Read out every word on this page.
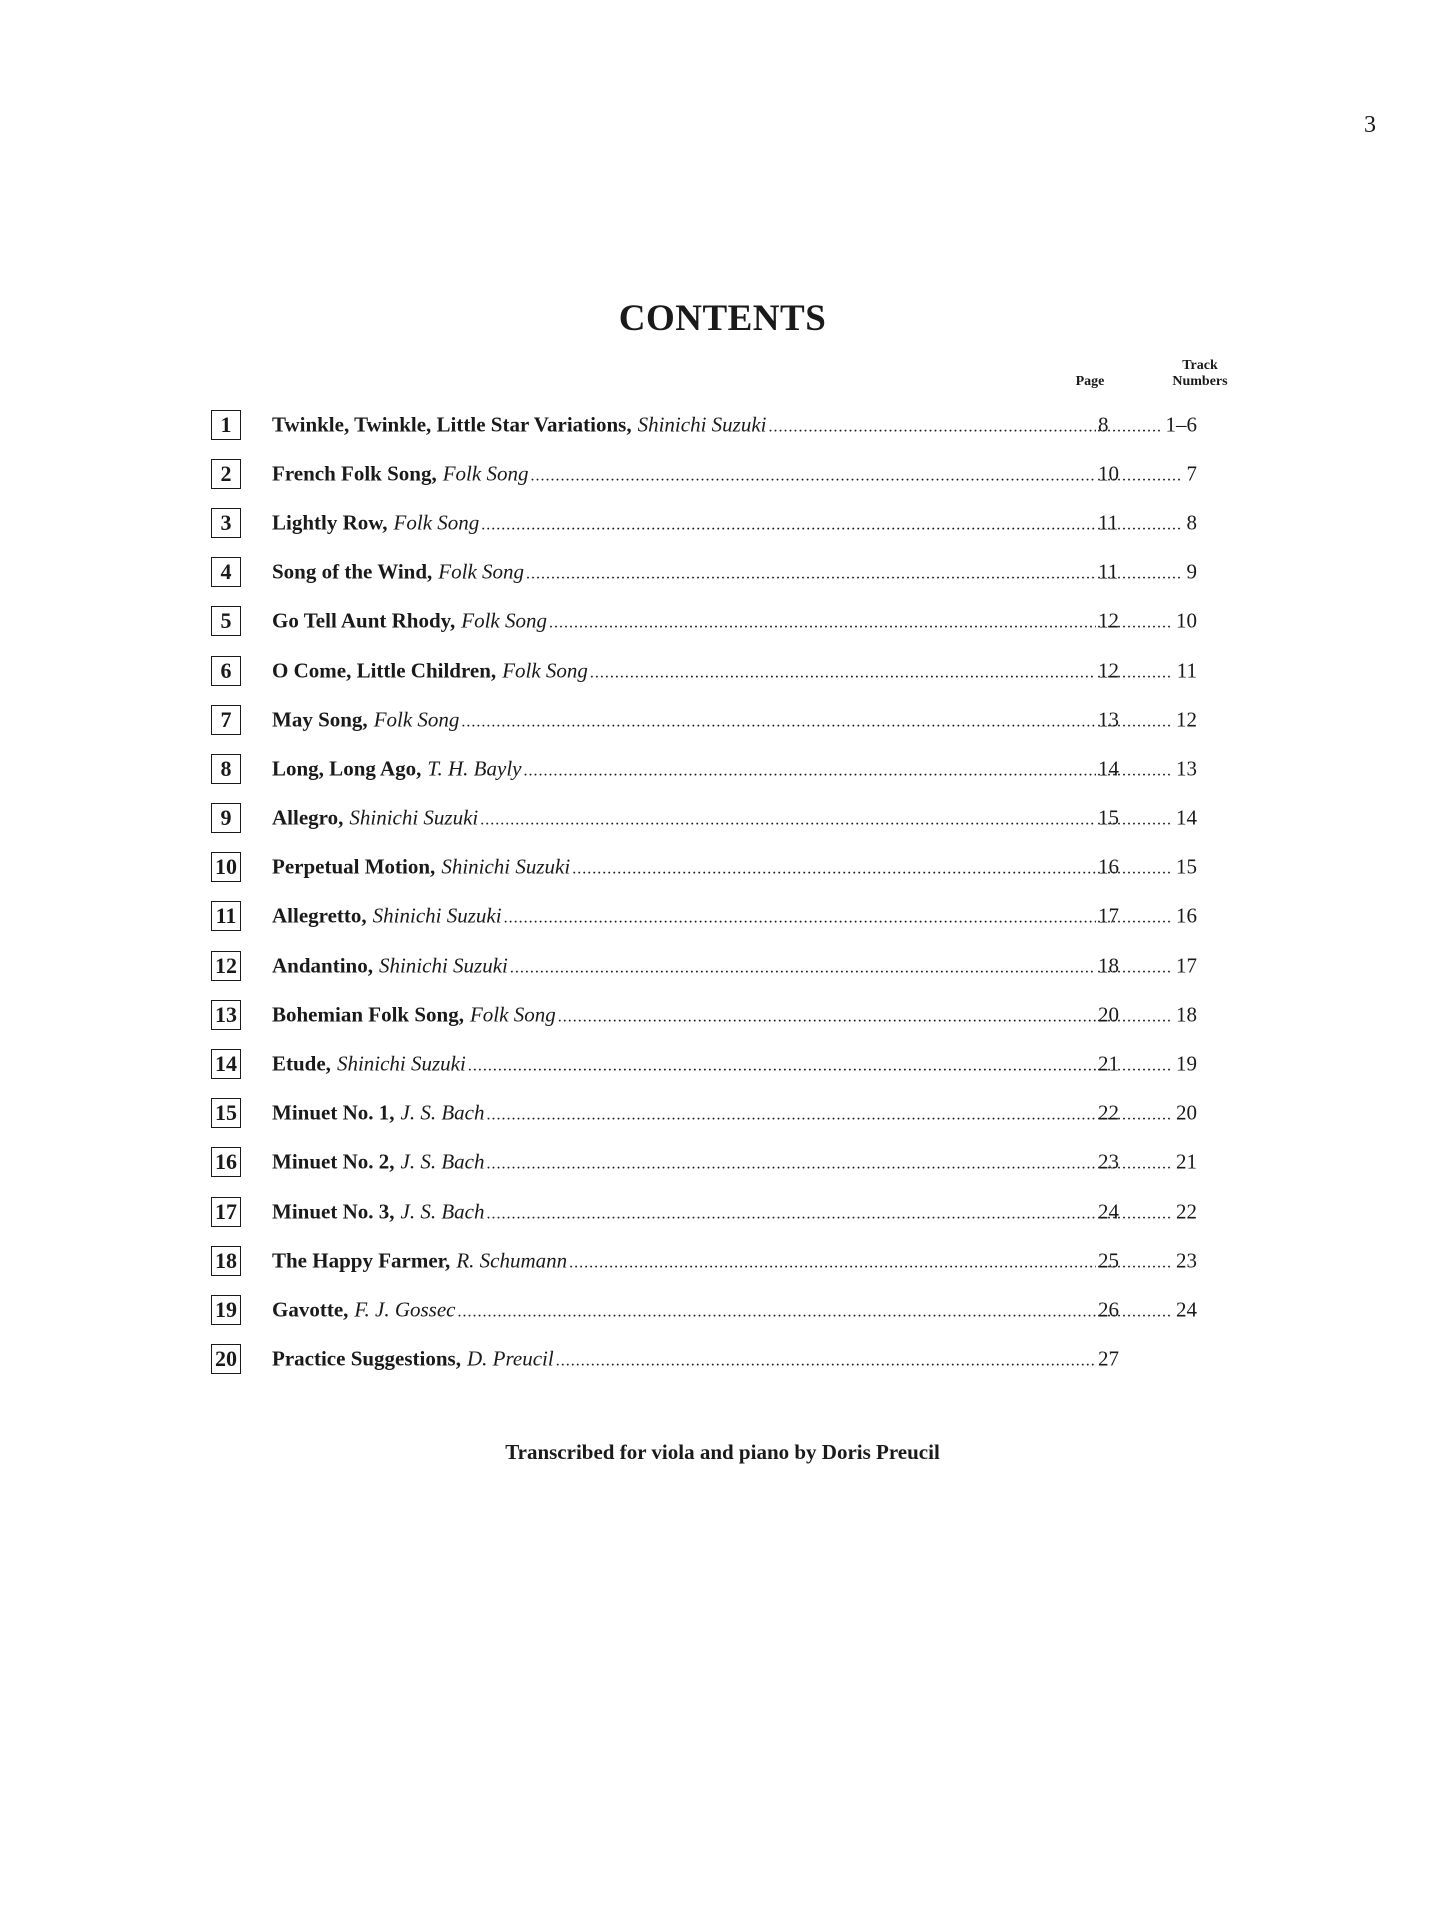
3
CONTENTS
Page
Track
Numbers
1 Twinkle, Twinkle, Little Star Variations, Shinichi Suzuki .....	8 .....	1–6
2 French Folk Song, Folk Song .....	10 .....	7
3 Lightly Row, Folk Song .....	11 .....	8
4 Song of the Wind, Folk Song .....	11 .....	9
5 Go Tell Aunt Rhody, Folk Song .....	12 .....	10
6 O Come, Little Children, Folk Song .....	12 .....	11
7 May Song, Folk Song .....	13 .....	12
8 Long, Long Ago, T. H. Bayly .....	14 .....	13
9 Allegro, Shinichi Suzuki .....	15 .....	14
10 Perpetual Motion, Shinichi Suzuki .....	16 .....	15
11 Allegretto, Shinichi Suzuki .....	17 .....	16
12 Andantino, Shinichi Suzuki .....	18 .....	17
13 Bohemian Folk Song, Folk Song .....	20 .....	18
14 Etude, Shinichi Suzuki .....	21 .....	19
15 Minuet No. 1, J. S. Bach .....	22 .....	20
16 Minuet No. 2, J. S. Bach .....	23 .....	21
17 Minuet No. 3, J. S. Bach .....	24 .....	22
18 The Happy Farmer, R. Schumann .....	25 .....	23
19 Gavotte, F. J. Gossec .....	26 .....	24
20 Practice Suggestions, D. Preucil .....	27
Transcribed for viola and piano by Doris Preucil
